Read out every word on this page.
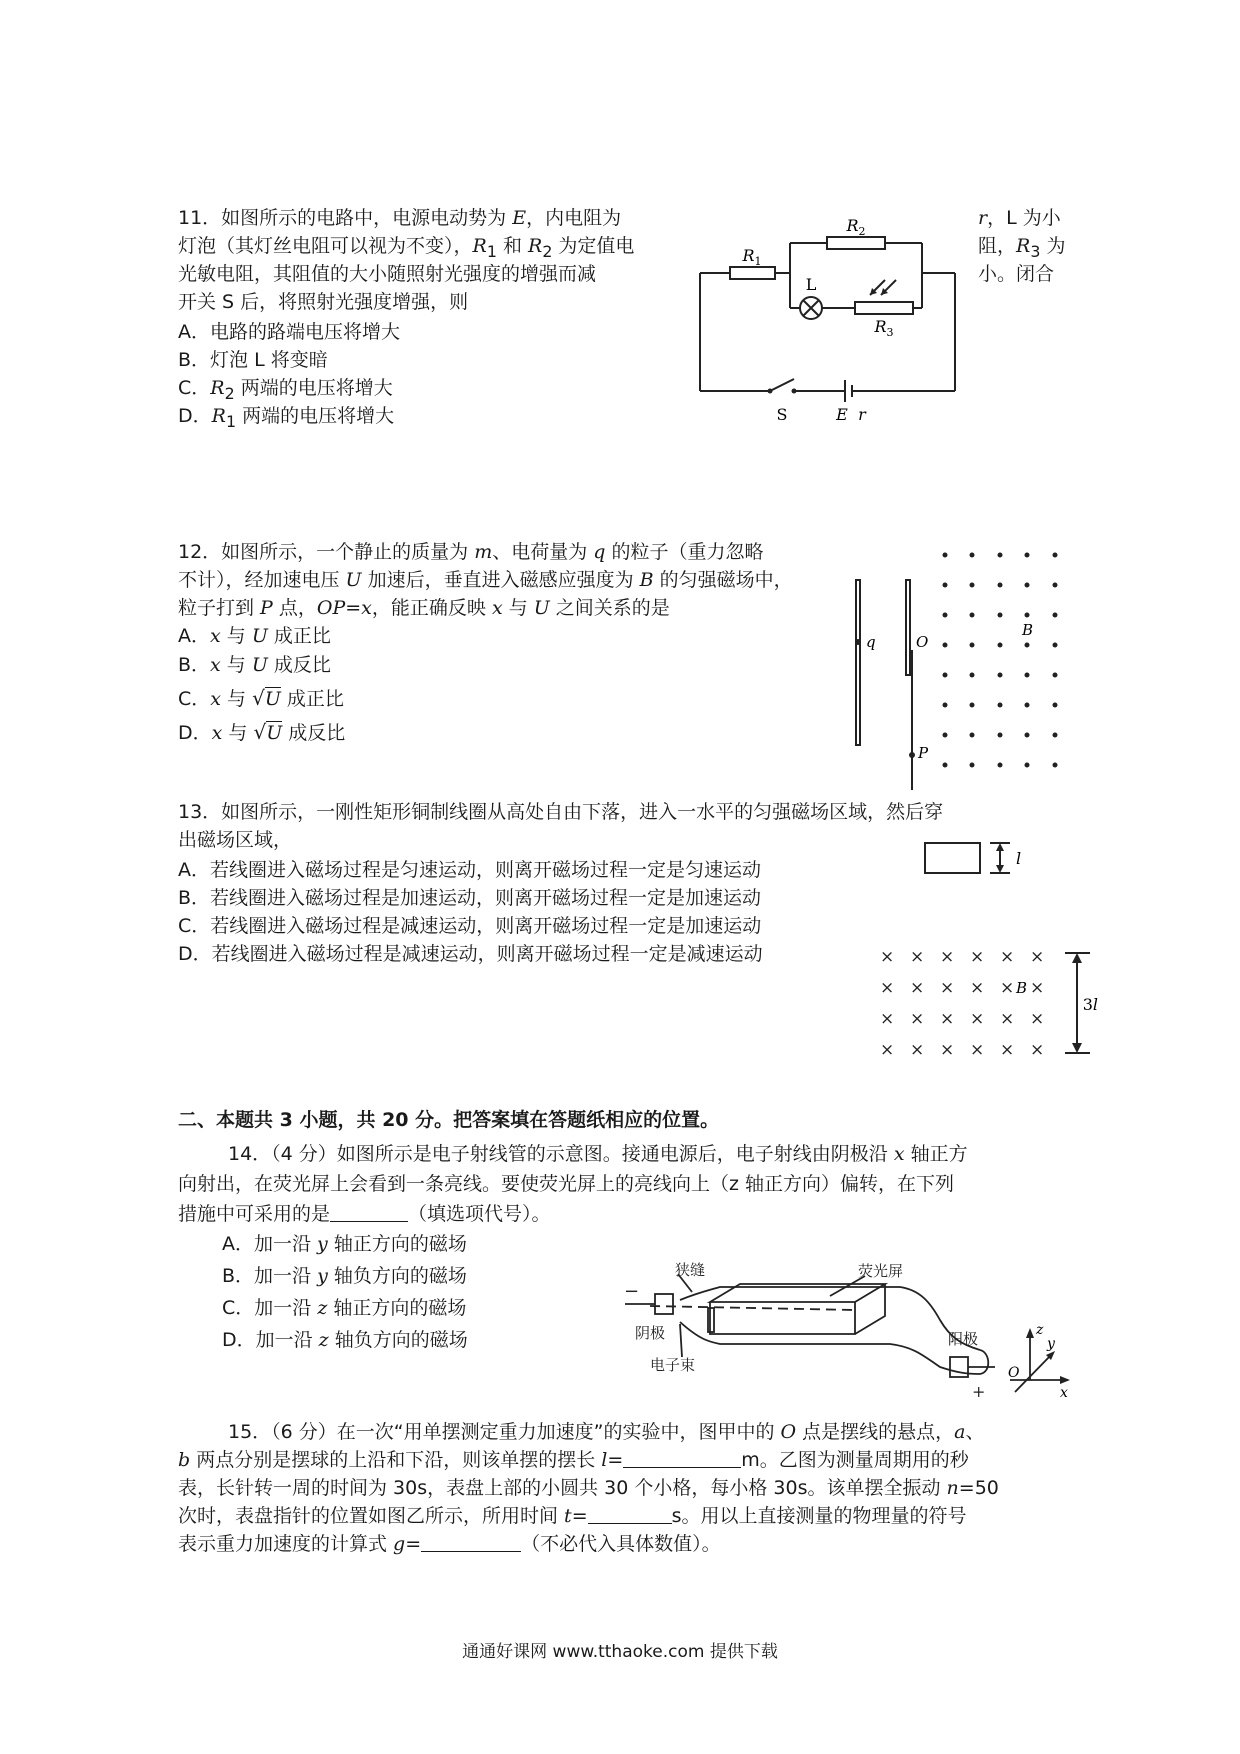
11．如图所示的电路中，电源电动势为 E，内电阻为	r，L 为小
灯泡（其灯丝电阻可以视为不变），$R_1$ 和 $R_2$ 为定值电	阻，$R_3$ 为
光敏电阻，其阻值的大小随照射光强度的增强而减	小。闭合
开关 S 后，将照射光强度增强，则
A．电路的路端电压将增大
B．灯泡 L 将变暗
C．$R_2$ 两端的电压将增大
D．$R_1$ 两端的电压将增大
$R_1$
$R_2$
$R_3$
L
S	E r
12．如图所示，一个静止的质量为 m、电荷量为 q 的粒子（重力忽略
不计），经加速电压 U 加速后，垂直进入磁感应强度为 B 的匀强磁场中，
粒子打到 P 点，OP=x，能正确反映 x 与 U 之间关系的是
A．x 与 U 成正比
B．x 与 U 成反比
C．x 与 √U 成正比
D．x 与 √U 成反比
q	O
B
P
13．如图所示，一刚性矩形铜制线圈从高处自由下落，进入一水平的匀强磁场区域，然后穿
出磁场区域，
A．若线圈进入磁场过程是匀速运动，则离开磁场过程一定是匀速运动
B．若线圈进入磁场过程是加速运动，则离开磁场过程一定是加速运动
C．若线圈进入磁场过程是减速运动，则离开磁场过程一定是加速运动
D．若线圈进入磁场过程是减速运动，则离开磁场过程一定是减速运动
l
× × × × × ×
× × × × × ×
× × × × × ×
× × × × × ×
B
3l
二、本题共 3 小题，共 20 分。把答案填在答题纸相应的位置。
14．（4 分）如图所示是电子射线管的示意图。接通电源后，电子射线由阴极沿 x 轴正方
向射出，在荧光屏上会看到一条亮线。要使荧光屏上的亮线向上（z 轴正方向）偏转，在下列
措施中可采用的是	（填选项代号）。
A．加一沿 y 轴正方向的磁场
B．加一沿 y 轴负方向的磁场
C．加一沿 z 轴正方向的磁场
D．加一沿 z 轴负方向的磁场
−
+
狭缝	荧光屏
阴极	阳极
电子束
z
y
O
x
15．（6 分）在一次“用单摆测定重力加速度”的实验中，图甲中的 O 点是摆线的悬点，a、
b 两点分别是摆球的上沿和下沿，则该单摆的摆长 l=	m。乙图为测量周期用的秒
表，长针转一周的时间为 30s，表盘上部的小圆共 30 个小格，每小格 30s。该单摆全振动 n=50
次时，表盘指针的位置如图乙所示，所用时间 t=	s。用以上直接测量的物理量的符号
表示重力加速度的计算式 g=	（不必代入具体数值）。
通通好课网 www.tthaoke.com 提供下载
